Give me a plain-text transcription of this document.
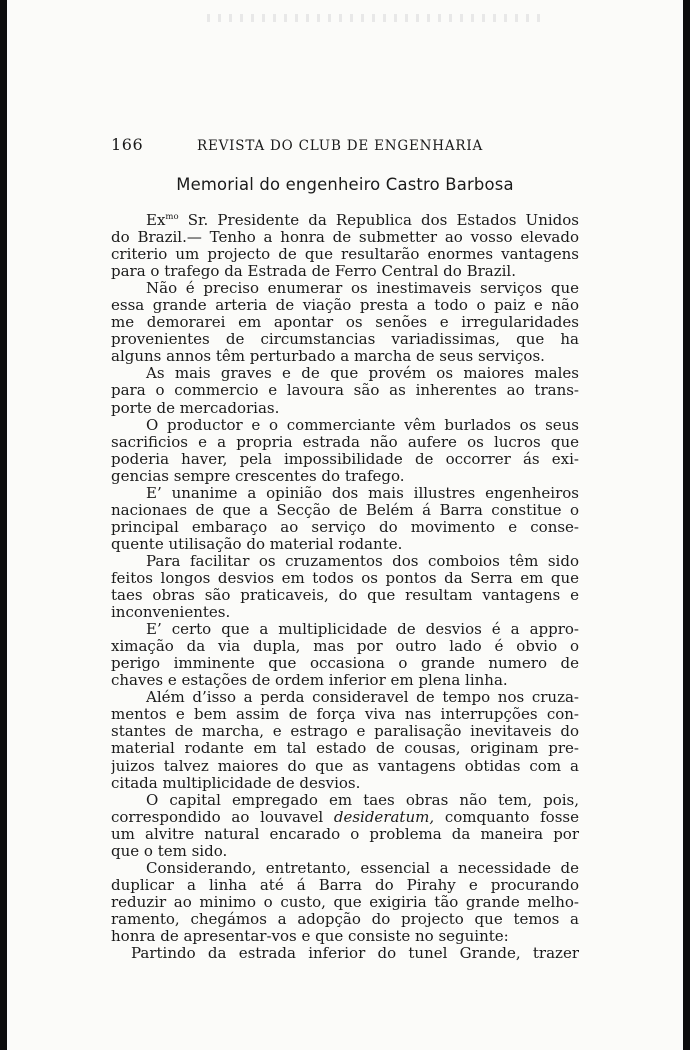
166	REVISTA DO CLUB DE ENGENHARIA
Memorial do engenheiro Castro Barbosa
$Ex^{mo}$ Sr. Presidente da Republica dos Estados Unidos
do Brazil.— Tenho a honra de submetter ao vosso elevado
criterio um projecto de que resultarão enormes vantagens
para o trafego da Estrada de Ferro Central do Brazil.
Não é preciso enumerar os inestimaveis serviços que
essa grande arteria de viação presta a todo o paiz e não
me demorarei em apontar os senões e irregularidades
provenientes de circumstancias variadissimas, que ha
alguns annos têm perturbado a marcha de seus serviços.
As mais graves e de que provém os maiores males
para o commercio e lavoura são as inherentes ao trans-
porte de mercadorias.
O productor e o commerciante vêm burlados os seus
sacrificios e a propria estrada não aufere os lucros que
poderia haver, pela impossibilidade de occorrer ás exi-
gencias sempre crescentes do trafego.
E’ unanime a opinião dos mais illustres engenheiros
nacionaes de que a Secção de Belém á Barra constitue o
principal embaraço ao serviço do movimento e conse-
quente utilisação do material rodante.
Para facilitar os cruzamentos dos comboios têm sido
feitos longos desvios em todos os pontos da Serra em que
taes obras são praticaveis, do que resultam vantagens e
inconvenientes.
E’ certo que a multiplicidade de desvios é a appro-
ximação da via dupla, mas por outro lado é obvio o
perigo imminente que occasiona o grande numero de
chaves e estações de ordem inferior em plena linha.
Além d’isso a perda consideravel de tempo nos cruza-
mentos e bem assim de força viva nas interrupções con-
stantes de marcha, e estrago e paralisação inevitaveis do
material rodante em tal estado de cousas, originam pre-
juizos talvez maiores do que as vantagens obtidas com a
citada multiplicidade de desvios.
O capital empregado em taes obras não tem, pois,
correspondido ao louvavel desideratum, comquanto fosse
um alvitre natural encarado o problema da maneira por
que o tem sido.
Considerando, entretanto, essencial a necessidade de
duplicar a linha até á Barra do Pirahy e procurando
reduzir ao minimo o custo, que exigiria tão grande melho-
ramento, chegámos a adopção do projecto que temos a
honra de apresentar-vos e que consiste no seguinte:
Partindo da estrada inferior do tunel Grande, trazer
